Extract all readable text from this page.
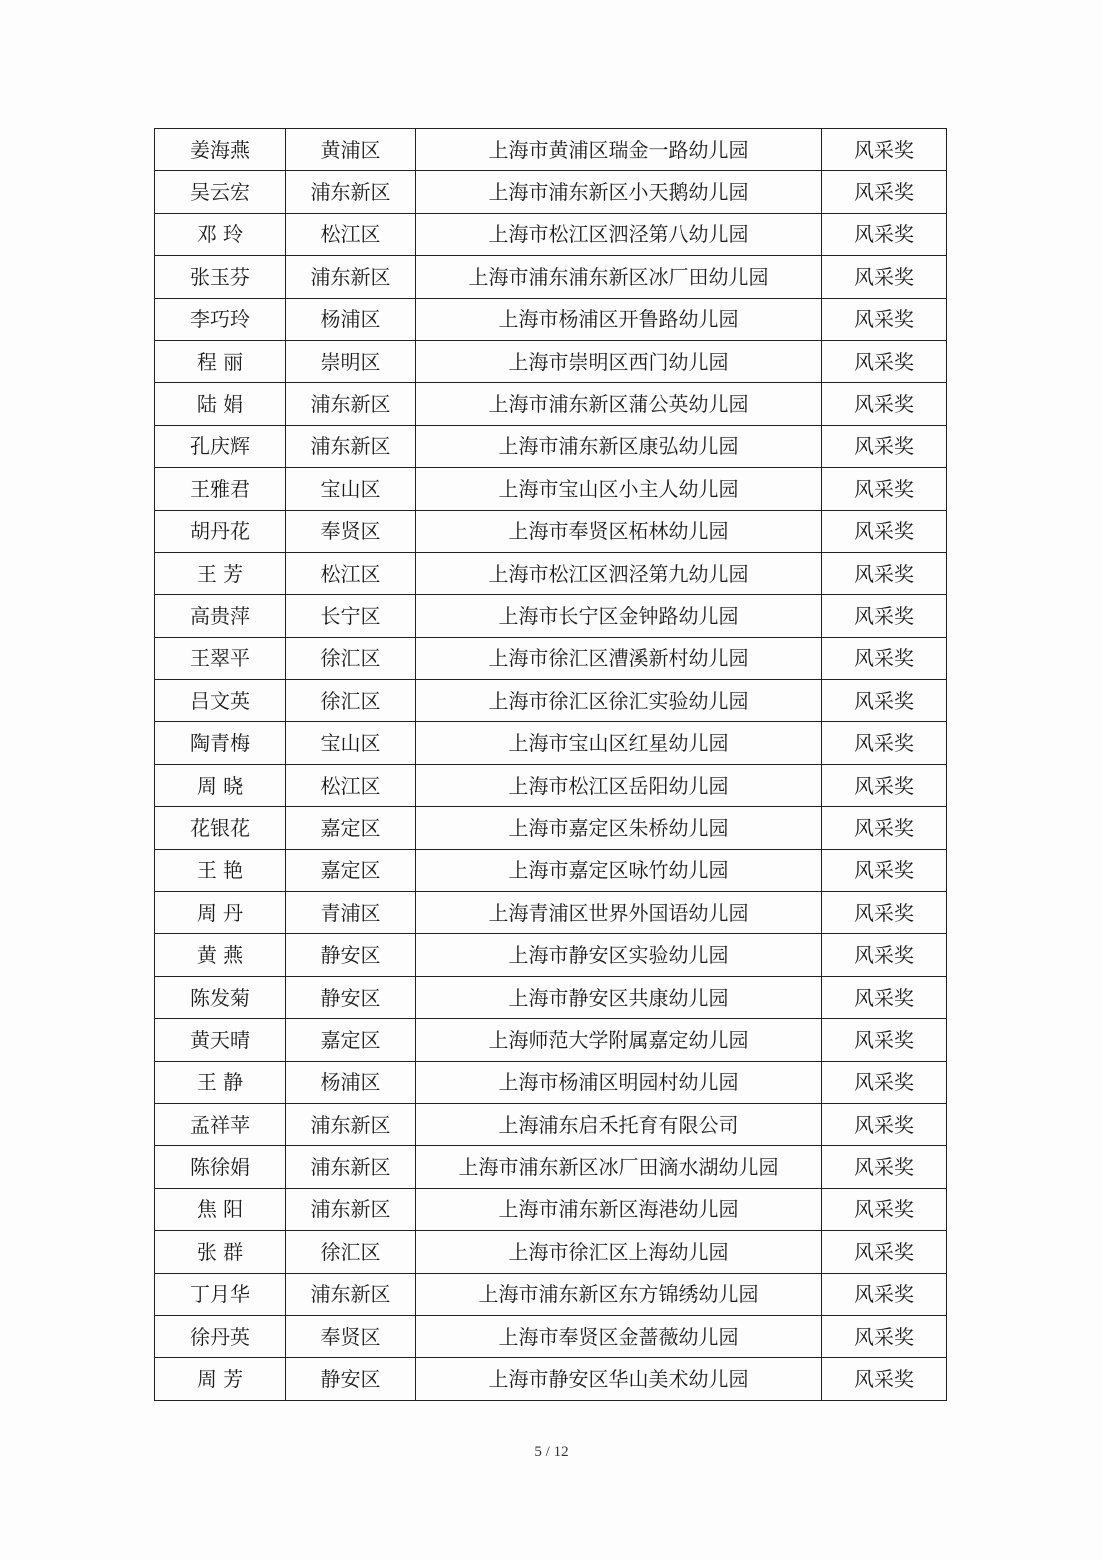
姜海燕	黄浦区	上海市黄浦区瑞金一路幼儿园	风采奖
吴云宏	浦东新区	上海市浦东新区小天鹅幼儿园	风采奖
邓 玲	松江区	上海市松江区泗泾第八幼儿园	风采奖
张玉芬	浦东新区	上海市浦东浦东新区冰厂田幼儿园	风采奖
李巧玲	杨浦区	上海市杨浦区开鲁路幼儿园	风采奖
程 丽	崇明区	上海市崇明区西门幼儿园	风采奖
陆 娟	浦东新区	上海市浦东新区蒲公英幼儿园	风采奖
孔庆辉	浦东新区	上海市浦东新区康弘幼儿园	风采奖
王雅君	宝山区	上海市宝山区小主人幼儿园	风采奖
胡丹花	奉贤区	上海市奉贤区柘林幼儿园	风采奖
王 芳	松江区	上海市松江区泗泾第九幼儿园	风采奖
高贵萍	长宁区	上海市长宁区金钟路幼儿园	风采奖
王翠平	徐汇区	上海市徐汇区漕溪新村幼儿园	风采奖
吕文英	徐汇区	上海市徐汇区徐汇实验幼儿园	风采奖
陶青梅	宝山区	上海市宝山区红星幼儿园	风采奖
周 晓	松江区	上海市松江区岳阳幼儿园	风采奖
花银花	嘉定区	上海市嘉定区朱桥幼儿园	风采奖
王 艳	嘉定区	上海市嘉定区咏竹幼儿园	风采奖
周 丹	青浦区	上海青浦区世界外国语幼儿园	风采奖
黄 燕	静安区	上海市静安区实验幼儿园	风采奖
陈发菊	静安区	上海市静安区共康幼儿园	风采奖
黄天晴	嘉定区	上海师范大学附属嘉定幼儿园	风采奖
王 静	杨浦区	上海市杨浦区明园村幼儿园	风采奖
孟祥苹	浦东新区	上海浦东启禾托育有限公司	风采奖
陈徐娟	浦东新区	上海市浦东新区冰厂田滴水湖幼儿园	风采奖
焦 阳	浦东新区	上海市浦东新区海港幼儿园	风采奖
张 群	徐汇区	上海市徐汇区上海幼儿园	风采奖
丁月华	浦东新区	上海市浦东新区东方锦绣幼儿园	风采奖
徐丹英	奉贤区	上海市奉贤区金蔷薇幼儿园	风采奖
周 芳	静安区	上海市静安区华山美术幼儿园	风采奖
5 / 12
